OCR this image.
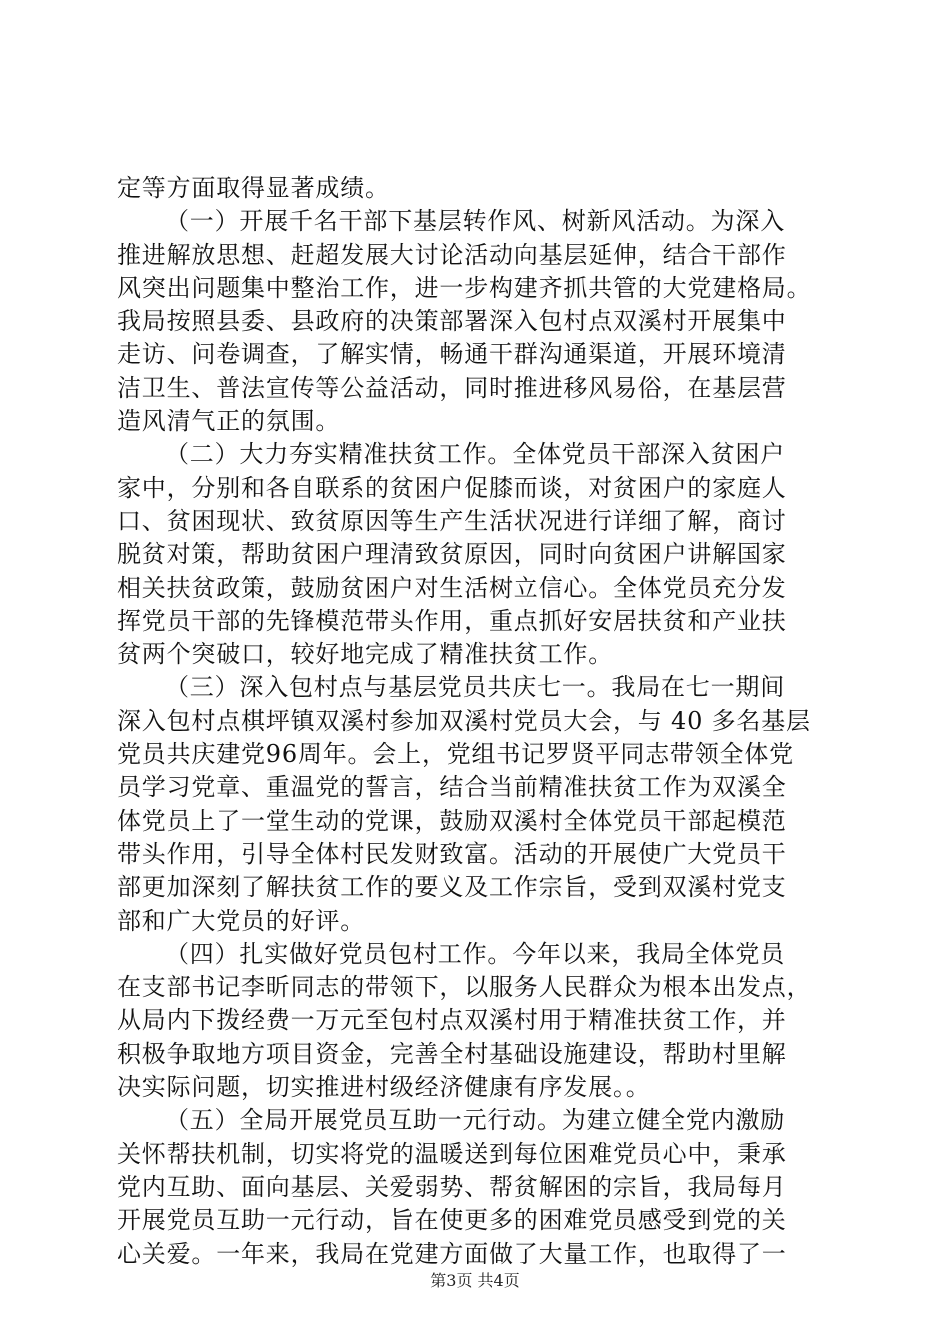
定等方面取得显著成绩。
（一）开展千名干部下基层转作风、树新风活动。为深入
推进解放思想、赶超发展大讨论活动向基层延伸，结合干部作
风突出问题集中整治工作，进一步构建齐抓共管的大党建格局。
我局按照县委、县政府的决策部署深入包村点双溪村开展集中
走访、问卷调查，了解实情，畅通干群沟通渠道，开展环境清
洁卫生、普法宣传等公益活动，同时推进移风易俗，在基层营
造风清气正的氛围。
（二）大力夯实精准扶贫工作。全体党员干部深入贫困户
家中，分别和各自联系的贫困户促膝而谈，对贫困户的家庭人
口、贫困现状、致贫原因等生产生活状况进行详细了解，商讨
脱贫对策，帮助贫困户理清致贫原因，同时向贫困户讲解国家
相关扶贫政策，鼓励贫困户对生活树立信心。全体党员充分发
挥党员干部的先锋模范带头作用，重点抓好安居扶贫和产业扶
贫两个突破口，较好地完成了精准扶贫工作。
（三）深入包村点与基层党员共庆七一。我局在七一期间
深入包村点棋坪镇双溪村参加双溪村党员大会，与 40 多名基层
党员共庆建党96周年。会上，党组书记罗贤平同志带领全体党
员学习党章、重温党的誓言，结合当前精准扶贫工作为双溪全
体党员上了一堂生动的党课，鼓励双溪村全体党员干部起模范
带头作用，引导全体村民发财致富。活动的开展使广大党员干
部更加深刻了解扶贫工作的要义及工作宗旨，受到双溪村党支
部和广大党员的好评。
（四）扎实做好党员包村工作。今年以来，我局全体党员
在支部书记李昕同志的带领下，以服务人民群众为根本出发点，
从局内下拨经费一万元至包村点双溪村用于精准扶贫工作，并
积极争取地方项目资金，完善全村基础设施建设，帮助村里解
决实际问题，切实推进村级经济健康有序发展。。
（五）全局开展党员互助一元行动。为建立健全党内激励
关怀帮扶机制，切实将党的温暖送到每位困难党员心中，秉承
党内互助、面向基层、关爱弱势、帮贫解困的宗旨，我局每月
开展党员互助一元行动，旨在使更多的困难党员感受到党的关
心关爱。一年来，我局在党建方面做了大量工作，也取得了一
第3页 共4页
